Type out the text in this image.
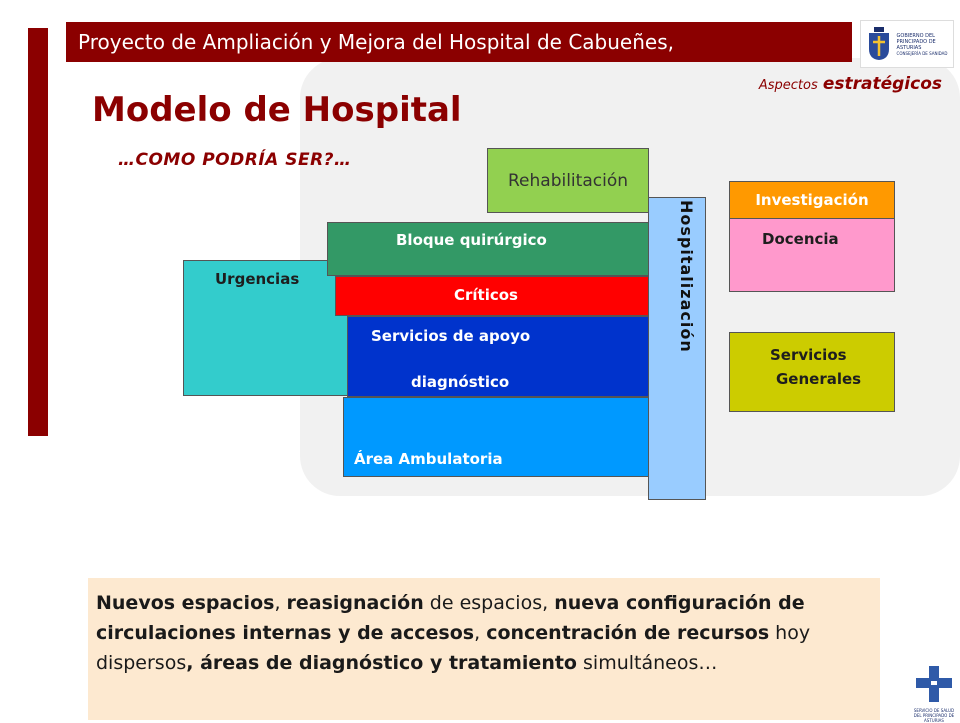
Proyecto de Ampliación y Mejora del Hospital de Cabueñes,	GOBIERNO DEL PRINCIPADO DE ASTURIAS
CONSEJERÍA DE SANIDAD
Aspectos estratégicos
Modelo de Hospital
…COMO PODRÍA SER?…
Rehabilitación
Hospitalización
Urgencias
Bloque quirúrgico
Críticos
Servicios de apoyo
diagnóstico
Área Ambulatoria
Investigación
Docencia
Servicios
Generales
Nuevos espacios, reasignación de espacios, nueva configuración de circulaciones internas y de accesos, concentración de recursos hoy dispersos, áreas de diagnóstico y tratamiento simultáneos…
SERVICIO DE SALUD DEL PRINCIPADO DE ASTURIAS
